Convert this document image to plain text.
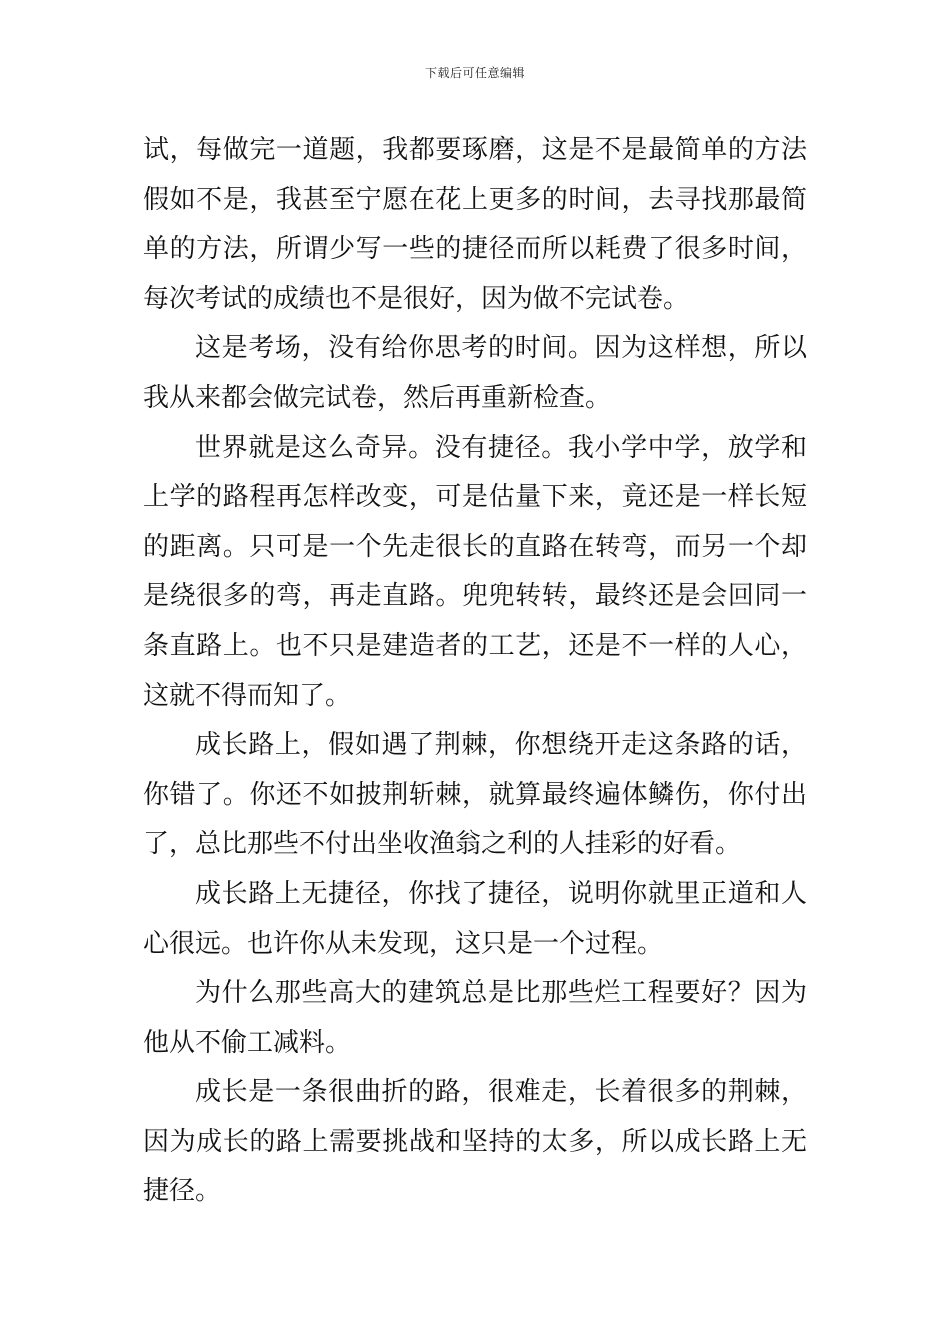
下载后可任意编辑

试，每做完一道题，我都要琢磨，这是不是最简单的方法假如不是，我甚至宁愿在花上更多的时间，去寻找那最简单的方法，所谓少写一些的捷径而所以耗费了很多时间，每次考试的成绩也不是很好，因为做不完试卷。

这是考场，没有给你思考的时间。因为这样想，所以我从来都会做完试卷，然后再重新检查。

世界就是这么奇异。没有捷径。我小学中学，放学和上学的路程再怎样改变，可是估量下来，竟还是一样长短的距离。只可是一个先走很长的直路在转弯，而另一个却是绕很多的弯，再走直路。兜兜转转，最终还是会回同一条直路上。也不只是建造者的工艺，还是不一样的人心，这就不得而知了。

成长路上，假如遇了荆棘，你想绕开走这条路的话，你错了。你还不如披荆斩棘，就算最终遍体鳞伤，你付出了，总比那些不付出坐收渔翁之利的人挂彩的好看。

成长路上无捷径，你找了捷径，说明你就里正道和人心很远。也许你从未发现，这只是一个过程。

为什么那些高大的建筑总是比那些烂工程要好？因为他从不偷工减料。

成长是一条很曲折的路，很难走，长着很多的荆棘，因为成长的路上需要挑战和坚持的太多，所以成长路上无捷径。
